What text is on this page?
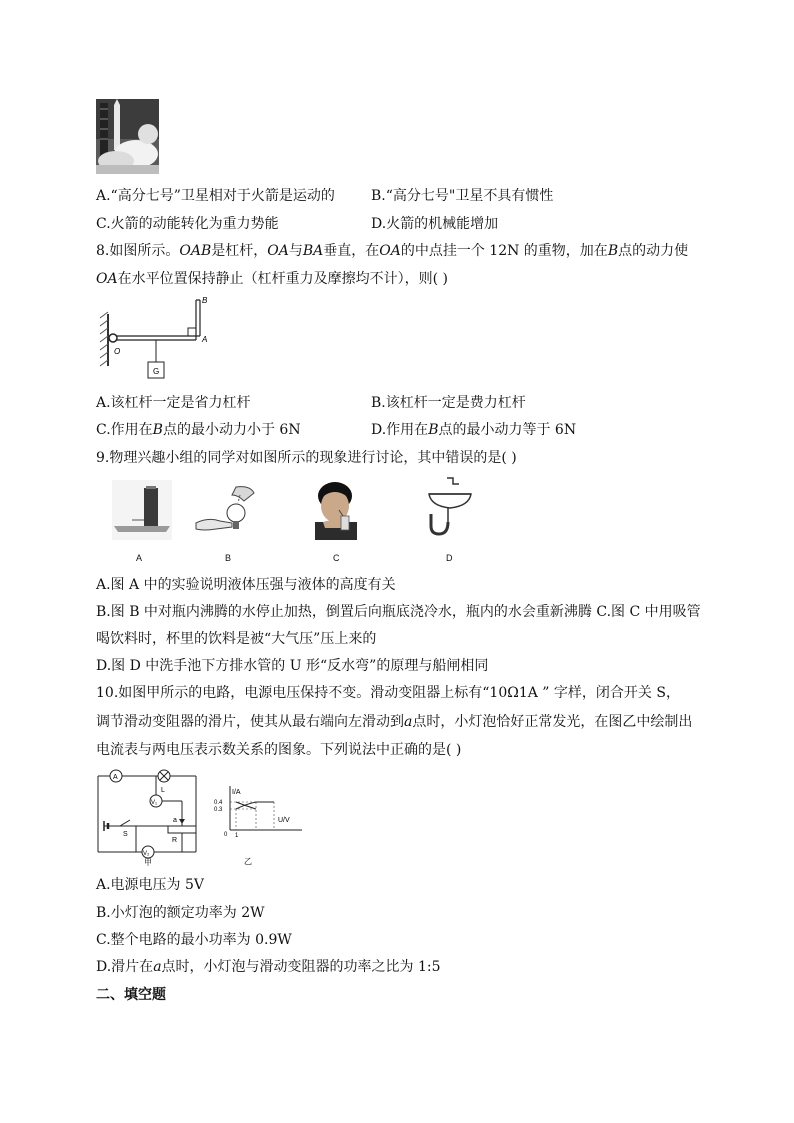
A.“高分七号”卫星相对于火箭是运动的	B.“高分七号"卫星不具有惯性
C.火箭的动能转化为重力势能	D.火箭的机械能增加
8.如图所示。OAB是杠杆，OA与BA垂直，在OA的中点挂一个 12N 的重物，加在B点的动力使
OA在水平位置保持静止（杠杆重力及摩擦均不计），则( )
B
A
O
G
A.该杠杆一定是省力杠杆	B.该杠杆一定是费力杠杆
C.作用在B点的最小动力小于 6N	D.作用在B点的最小动力等于 6N
9.物理兴趣小组的同学对如图所示的现象进行讨论，其中错误的是( )
A	B	C	D
A.图 A 中的实验说明液体压强与液体的高度有关
B.图 B 中对瓶内沸腾的水停止加热，倒置后向瓶底浇冷水，瓶内的水会重新沸腾 C.图 C 中用吸管
喝饮料时，杯里的饮料是被“大气压”压上来的
D.图 D 中洗手池下方排水管的 U 形“反水弯”的原理与船闸相同
10.如图甲所示的电路，电源电压保持不变。滑动变阻器上标有“10Ω1A ” 字样，闭合开关 S，
调节滑动变阻器的滑片，使其从最右端向左滑动到a点时，小灯泡恰好正常发光，在图乙中绘制出
电流表与两电压表示数关系的图象。下列说法中正确的是( )
A
L
V₁
a
R
S
V₂
甲
I/A
0.4
0.3
0 1
U/V
乙
A.电源电压为 5V
B.小灯泡的额定功率为 2W
C.整个电路的最小功率为 0.9W
D.滑片在a点时，小灯泡与滑动变阻器的功率之比为 1:5
二、填空题
